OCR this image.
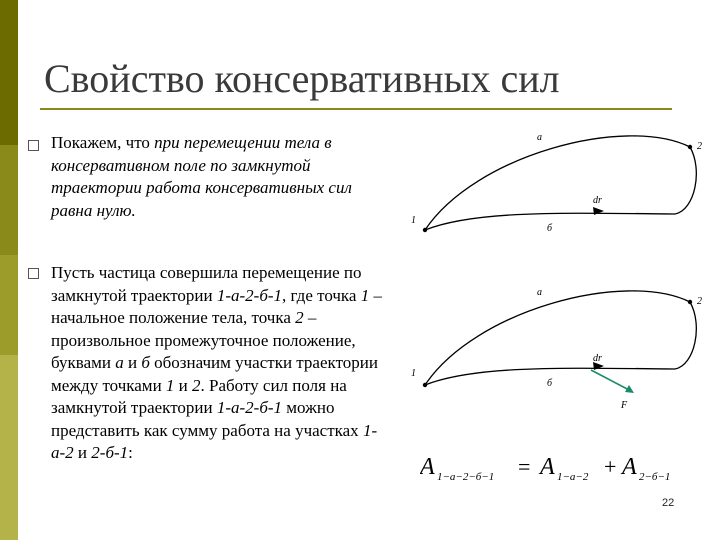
Свойство консервативных сил
Покажем, что при перемещении тела в консервативном поле по замкнутой траектории работа консервативных сил равна нулю.
Пусть частица совершила перемещение по замкнутой траектории 1-а-2-б-1, где точка 1 – начальное положение тела, точка 2 – произвольное промежуточное положение, буквами а и б обозначим участки траектории между точками 1 и 2. Работу сил поля на замкнутой траектории 1-а-2-б-1 можно представить как сумму работа на участках 1-а-2 и 2-б-1:
a
1
2
dr
б
a
1
2
dr
б
F
A 1−а−2−б−1 = A 1−а−2 + A 2−б−1
22
